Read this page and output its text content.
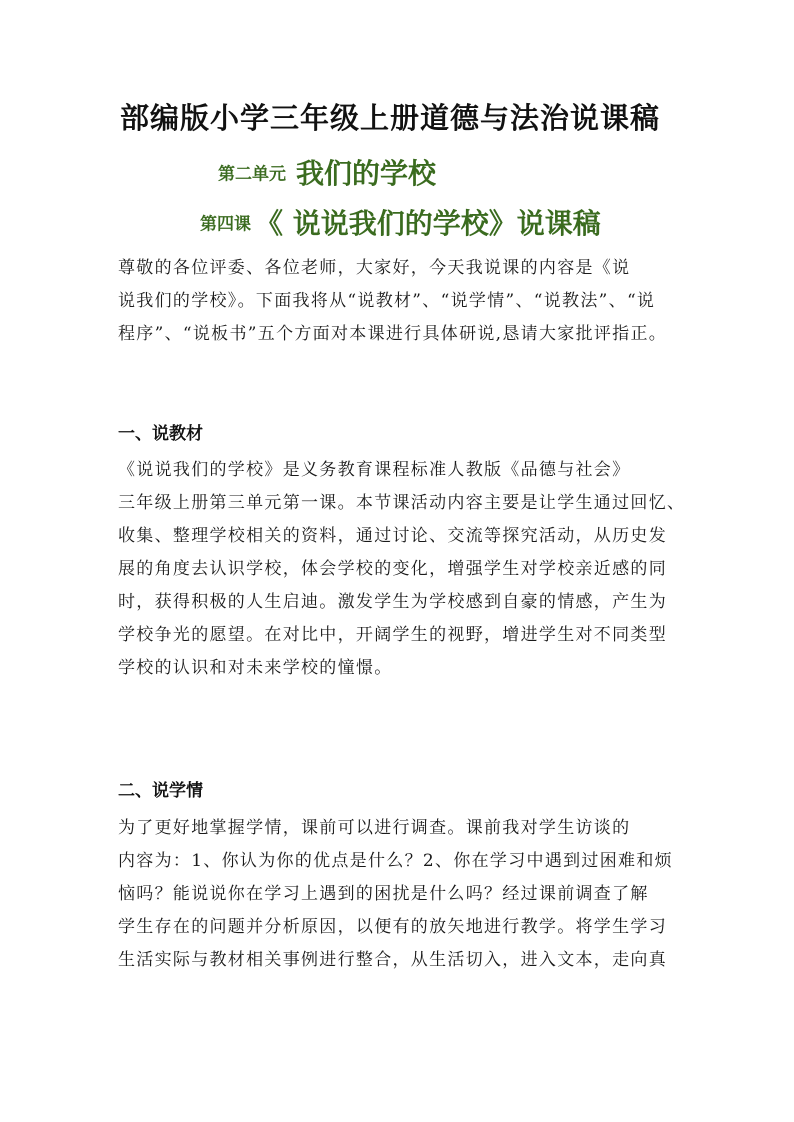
部编版小学三年级上册道德与法治说课稿
第二单元 我们的学校
第四课 《 说说我们的学校》说课稿
尊敬的各位评委、各位老师，大家好，今天我说课的内容是《说
说我们的学校》。下面我将从“说教材”、“说学情”、“说教法”、“说
程序”、“说板书”五个方面对本课进行具体研说,恳请大家批评指正。
一、说教材
《说说我们的学校》是义务教育课程标准人教版《品德与社会》
三年级上册第三单元第一课。本节课活动内容主要是让学生通过回忆、
收集、整理学校相关的资料，通过讨论、交流等探究活动，从历史发
展的角度去认识学校，体会学校的变化，增强学生对学校亲近感的同
时，获得积极的人生启迪。激发学生为学校感到自豪的情感，产生为
学校争光的愿望。在对比中，开阔学生的视野，增进学生对不同类型
学校的认识和对未来学校的憧憬。
二、说学情
为了更好地掌握学情，课前可以进行调查。课前我对学生访谈的
内容为：1、你认为你的优点是什么？2、你在学习中遇到过困难和烦
恼吗？能说说你在学习上遇到的困扰是什么吗？经过课前调查了解
学生存在的问题并分析原因，以便有的放矢地进行教学。将学生学习
生活实际与教材相关事例进行整合，从生活切入，进入文本，走向真
